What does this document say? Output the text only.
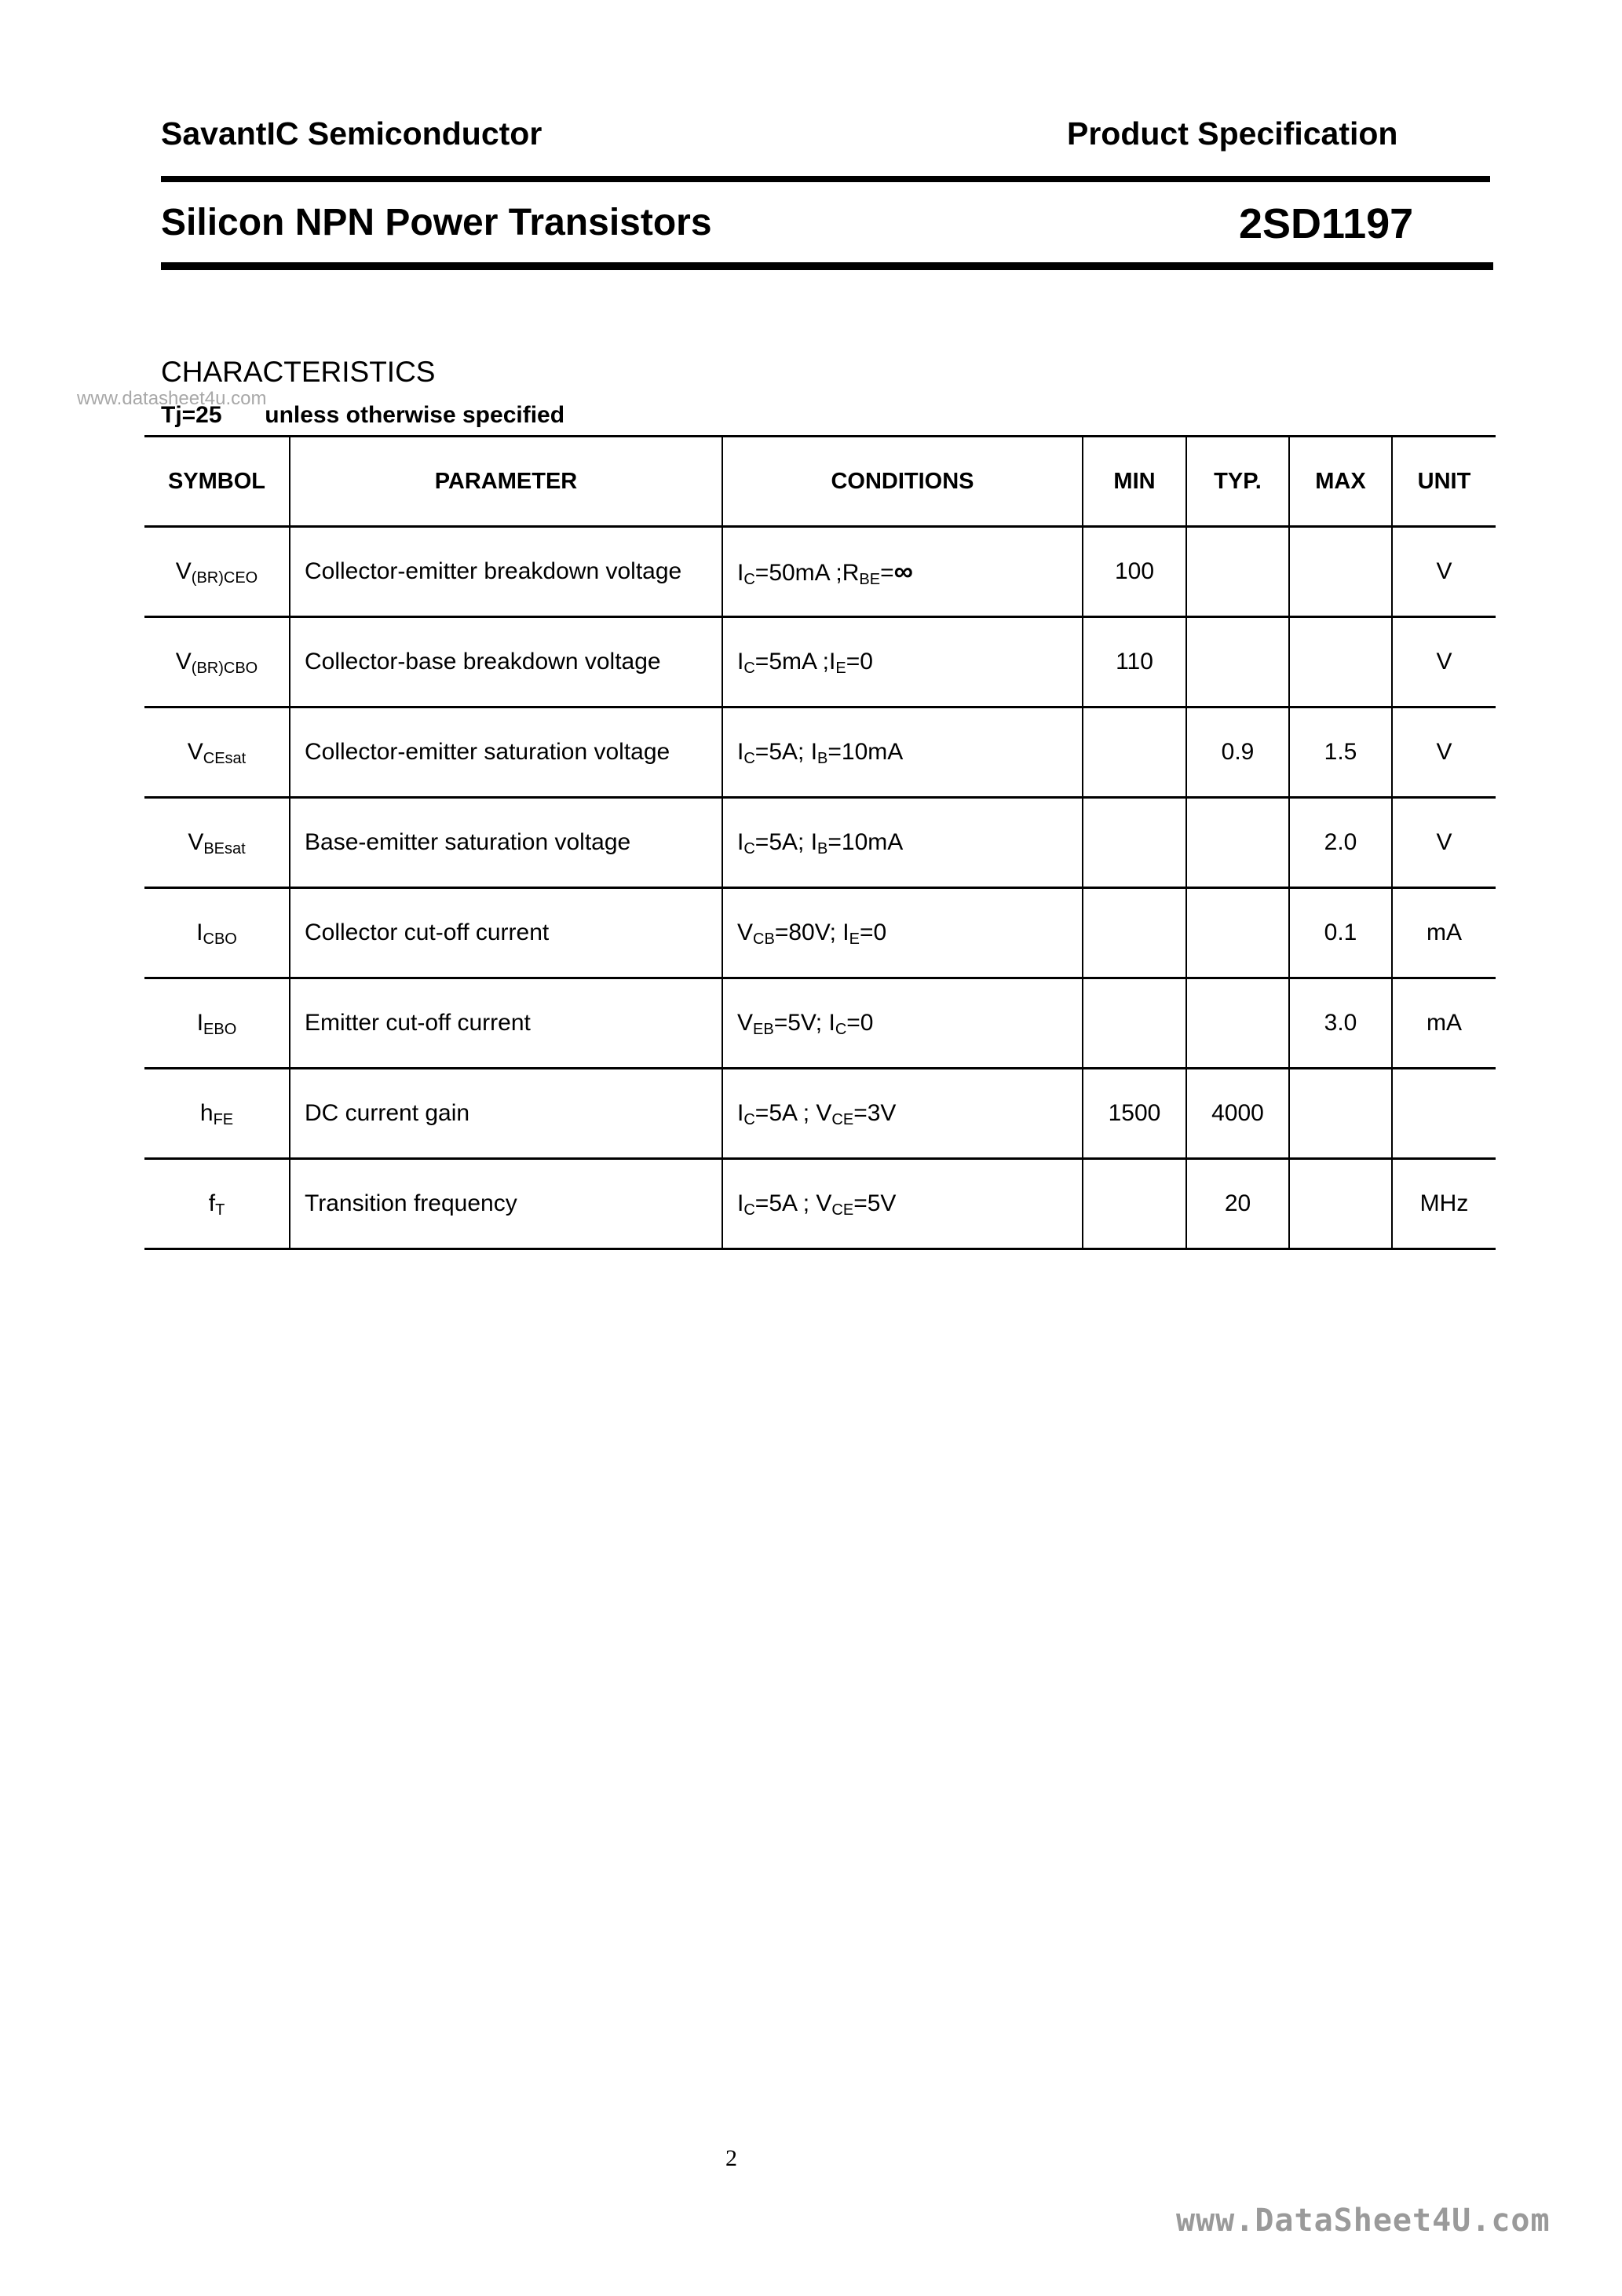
SavantIC Semiconductor	Product Specification
Silicon NPN Power Transistors	2SD1197
CHARACTERISTICS
www.datasheet4u.com
Tj=25 unless otherwise specified
SYMBOL	PARAMETER	CONDITIONS	MIN	TYP.	MAX	UNIT
$V_{(BR)CEO}$	Collector-emitter breakdown voltage	$I_C=50mA$ $;R_{BE}=\infty$	100			V
$V_{(BR)CBO}$	Collector-base breakdown voltage	$I_C=5mA$ $;I_E=0$	110			V
$V_{CEsat}$	Collector-emitter saturation voltage	$I_C=5A$; $I_B=10mA$		0.9	1.5	V
$V_{BEsat}$	Base-emitter saturation voltage	$I_C=5A$; $I_B=10mA$			2.0	V
$I_{CBO}$	Collector cut-off current	$V_{CB}=80V$; $I_E=0$			0.1	mA
$I_{EBO}$	Emitter cut-off current	$V_{EB}=5V$; $I_C=0$			3.0	mA
$h_{FE}$	DC current gain	$I_C=5A$ ; $V_{CE}=3V$	1500	4000		
$f_T$	Transition frequency	$I_C=5A$ ; $V_{CE}=5V$		20		MHz
2
www.DataSheet4U.com
